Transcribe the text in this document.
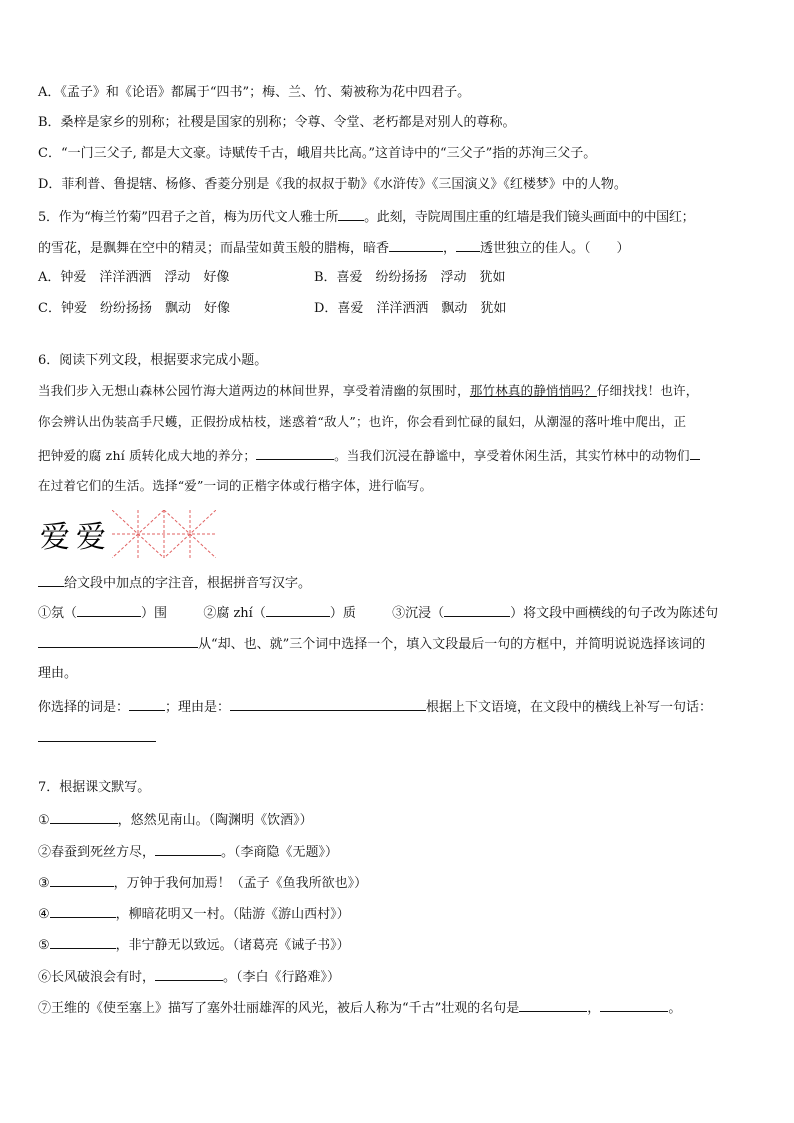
A．《孟子》和《论语》都属于“四书”；梅、兰、竹、菊被称为花中四君子。
B．桑梓是家乡的别称；社稷是国家的别称；令尊、令堂、老朽都是对别人的尊称。
C．“一门三父子, 都是大文豪。诗赋传千古，峨眉共比高。”这首诗中的“三父子”指的苏洵三父子。
D．菲利普、鲁提辖、杨修、香菱分别是《我的叔叔于勒》《水浒传》《三国演义》《红楼梦》中的人物。
5．作为“梅兰竹菊”四君子之首，梅为历代文人雅士所 。此刻，寺院周围庄重的红墙是我们镜头画面中的中国红；
的雪花，是飘舞在空中的精灵；而晶莹如黄玉般的腊梅，暗香	， 透世独立的佳人。（　　）
A．钟爱　洋洋洒洒　浮动　好像	B．喜爱　纷纷扬扬　浮动　犹如
C．钟爱　纷纷扬扬　飘动　好像	D．喜爱　洋洋洒洒　飘动　犹如
6．阅读下列文段，根据要求完成小题。
当我们步入无想山森林公园竹海大道两边的林间世界，享受着清幽的氛围时，那竹林真的静悄悄吗？仔细找找！也许，
你会辨认出伪装高手尺蠖，正假扮成枯枝，迷惑着“敌人”；也许，你会看到忙碌的鼠妇，从潮湿的落叶堆中爬出，正
把钟爱的腐 zhí 质转化成大地的养分；	。当我们沉浸在静谧中，享受着休闲生活，其实竹林中的动物们
在过着它们的生活。选择“爱”一词的正楷字体或行楷字体，进行临写。
爱爱
给文段中加点的字注音，根据拼音写汉字。
①氛（	）围	②腐 zhí（	）质	③沉浸（	）将文段中画横线的句子改为陈述句
从“却、也、就”三个词中选择一个，填入文段最后一句的方框中，并简明说说选择该词的
理由。
你选择的词是：	；理由是：	根据上下文语境，在文段中的横线上补写一句话：
7．根据课文默写。
①	，悠然见南山。（陶渊明《饮酒》）
②春蚕到死丝方尽，	。（李商隐《无题》）
③	，万钟于我何加焉！（孟子《鱼我所欲也》）
④	，柳暗花明又一村。（陆游《游山西村》）
⑤	，非宁静无以致远。（诸葛亮《诫子书》）
⑥长风破浪会有时，	。（李白《行路难》）
⑦王维的《使至塞上》描写了塞外壮丽雄浑的风光，被后人称为“千古”壮观的名句是	，	。
